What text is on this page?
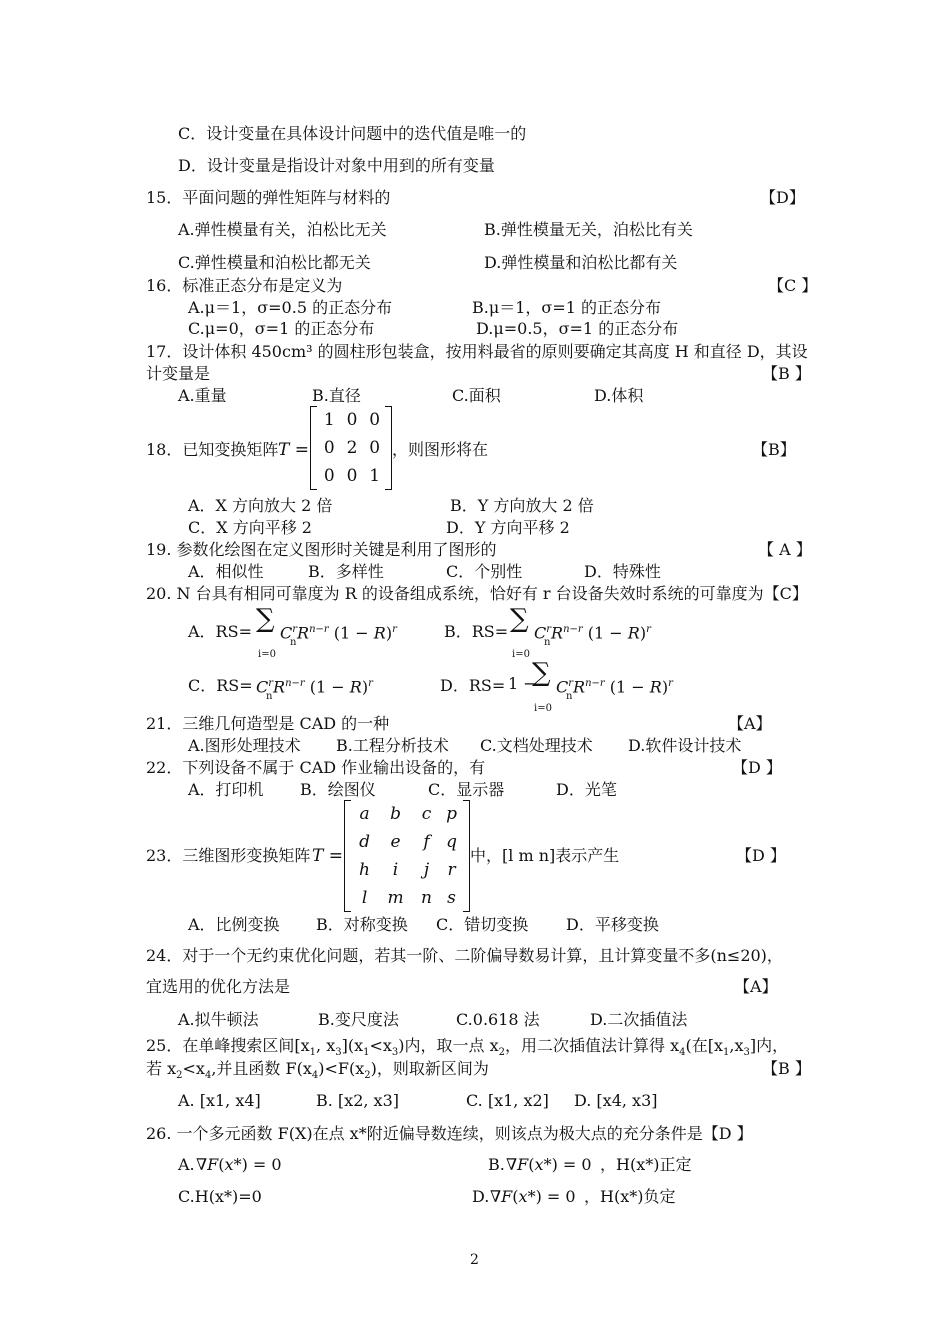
C．设计变量在具体设计问题中的迭代值是唯一的
D．设计变量是指设计对象中用到的所有变量
15．平面问题的弹性矩阵与材料的	【D】
A.弹性模量有关，泊松比无关	B.弹性模量无关，泊松比有关
C.弹性模量和泊松比都无关	D.弹性模量和泊松比都有关
16．标准正态分布是定义为	【C 】
A.μ＝1，σ=0.5 的正态分布	B.μ＝1，σ=1 的正态分布
C.μ=0，σ=1 的正态分布	D.μ=0.5，σ=1 的正态分布
17．设计体积 450cm³ 的圆柱形包装盒，按用料最省的原则要确定其高度 H 和直径 D，其设
计变量是	【B 】
A.重量	B.直径	C.面积	D.体积
18．已知变换矩阵 T =
1	0	0
0	2	0
0	0	1
，则图形将在	【B】
A．X 方向放大 2 倍	B．Y 方向放大 2 倍
C．X 方向平移 2	D．Y 方向平移 2
19. 参数化绘图在定义图形时关键是利用了图形的	【 A 】
A．相似性	B．多样性	C．个别性	D．特殊性
20. N 台具有相同可靠度为 R 的设备组成系统，恰好有 r 台设备失效时系统的可靠度为【C】
A．RS= ∑
i=0
$C^rR^{n-r}$ $(1 - R)^r$
n
B．RS= ∑
i=0
$C^rR^{n-r}$ $(1 - R)^r$
n
C．$RS= C^rR^{n-r}$ $(1 - R)^r$
n
D．RS= 1 −
∑
i=0
$C^rR^{n-r}$ $(1 - R)^r$
n
21．三维几何造型是 CAD 的一种	【A】
A.图形处理技术 B.工程分析技术 C.文档处理技术 D.软件设计技术
22．下列设备不属于 CAD 作业输出设备的，有	【D 】
A．打印机 B．绘图仪	C．显示器	D．光笔
23．三维图形变换矩阵 T =
a	b	c	p
d	e	f	q
h	i	j	r
l	m	n	s
中，[l m n]表示产生	【D 】
A．比例变换 B．对称变换 C．错切变换 D．平移变换
24．对于一个无约束优化问题，若其一阶、二阶偏导数易计算，且计算变量不多(n≤20)，
宜选用的优化方法是	【A】
A.拟牛顿法	B.变尺度法	C.0.618 法	D.二次插值法
25．在单峰搜索区间[$x_1$, $x_3](x_1<x_3)$内，取一点 $x_2$，用二次插值法计算得 $x_4$(在$[x_1,x_3]$内，
若 $x_2<x_4$,并且函数 $F(x_4)<F(x_2)$，则取新区间为	【B 】
A. [x1, x4]	B. [x2, x3]	C. [x1, x2] D. [x4, x3]
26. 一个多元函数 F(X)在点 x*附近偏导数连续，则该点为极大点的充分条件是【D 】
A. ∇F(x*) = 0	B. ∇F(x*) = 0 ，H(x*)正定
C.H(x*)=0	D. ∇F(x*) = 0 ，H(x*)负定
2
